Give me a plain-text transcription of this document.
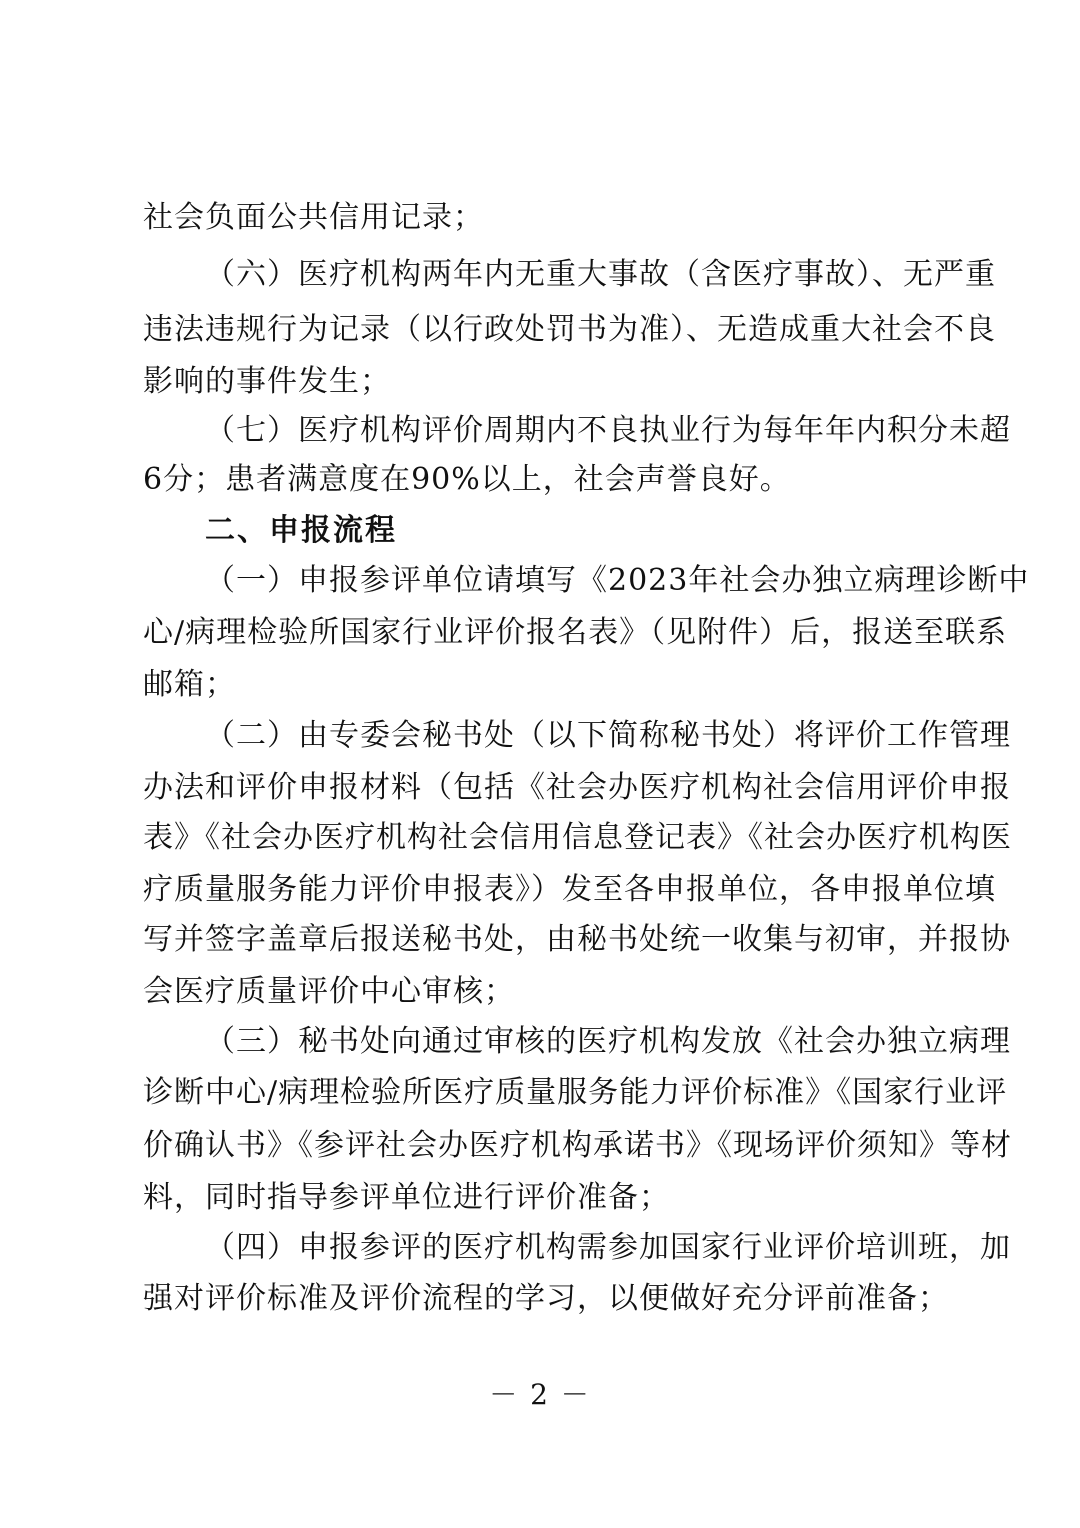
社会负面公共信用记录；
（六）医疗机构两年内无重大事故（含医疗事故）、无严重
违法违规行为记录（以行政处罚书为准）、无造成重大社会不良
影响的事件发生；
（七）医疗机构评价周期内不良执业行为每年年内积分未超
6分；患者满意度在90%以上，社会声誉良好。
二、申报流程
（一）申报参评单位请填写《2023年社会办独立病理诊断中
心/病理检验所国家行业评价报名表》（见附件）后，报送至联系
邮箱；
（二）由专委会秘书处（以下简称秘书处）将评价工作管理
办法和评价申报材料（包括《社会办医疗机构社会信用评价申报
表》《社会办医疗机构社会信用信息登记表》《社会办医疗机构医
疗质量服务能力评价申报表》）发至各申报单位，各申报单位填
写并签字盖章后报送秘书处，由秘书处统一收集与初审，并报协
会医疗质量评价中心审核；
（三）秘书处向通过审核的医疗机构发放《社会办独立病理
诊断中心/病理检验所医疗质量服务能力评价标准》《国家行业评
价确认书》《参评社会办医疗机构承诺书》《现场评价须知》等材
料，同时指导参评单位进行评价准备；
（四）申报参评的医疗机构需参加国家行业评价培训班，加
强对评价标准及评价流程的学习，以便做好充分评前准备；
－ 2 －
